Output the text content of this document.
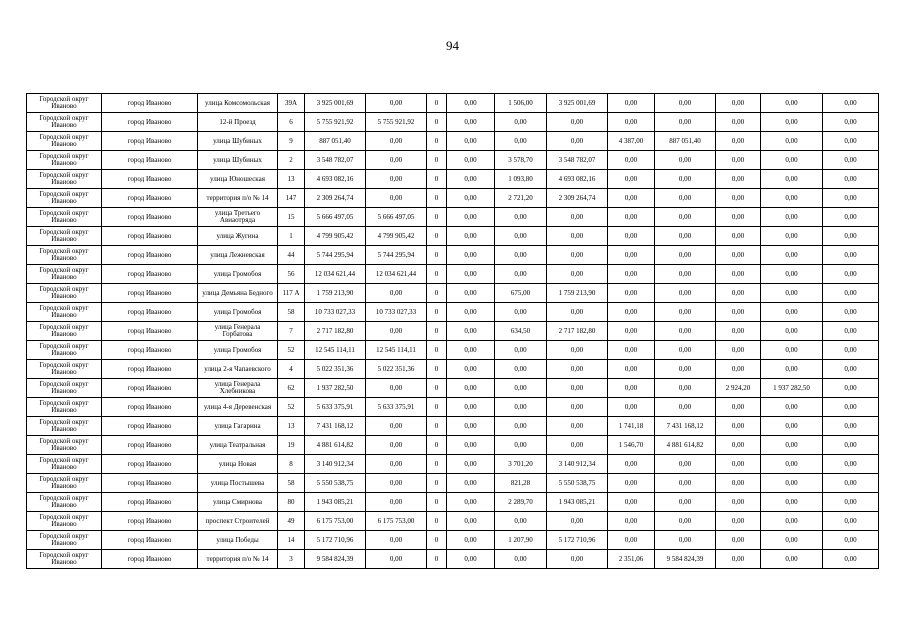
94
Городской округ Иваново	город Иваново	улица Комсомольская	39А	3 925 001,69	0,00	0	0,00	1 506,00	3 925 001,69	0,00	0,00	0,00	0,00	0,00
Городской округ Иваново	город Иваново	12-й Проезд	6	5 755 921,92	5 755 921,92	0	0,00	0,00	0,00	0,00	0,00	0,00	0,00	0,00
Городской округ Иваново	город Иваново	улица Шубиных	9	887 051,40	0,00	0	0,00	0,00	0,00	4 387,00	887 051,40	0,00	0,00	0,00
Городской округ Иваново	город Иваново	улица Шубиных	2	3 548 782,07	0,00	0	0,00	3 578,70	3 548 782,07	0,00	0,00	0,00	0,00	0,00
Городской округ Иваново	город Иваново	улица Юношеская	13	4 693 082,16	0,00	0	0,00	1 093,80	4 693 082,16	0,00	0,00	0,00	0,00	0,00
Городской округ Иваново	город Иваново	территория п/о № 14	147	2 309 264,74	0,00	0	0,00	2 721,20	2 309 264,74	0,00	0,00	0,00	0,00	0,00
Городской округ Иваново	город Иваново	улица Третьего Авиаотряда	15	5 666 497,05	5 666 497,05	0	0,00	0,00	0,00	0,00	0,00	0,00	0,00	0,00
Городской округ Иваново	город Иваново	улица Жугина	1	4 799 905,42	4 799 905,42	0	0,00	0,00	0,00	0,00	0,00	0,00	0,00	0,00
Городской округ Иваново	город Иваново	улица Лежневская	44	5 744 295,94	5 744 295,94	0	0,00	0,00	0,00	0,00	0,00	0,00	0,00	0,00
Городской округ Иваново	город Иваново	улица Громобоя	56	12 034 621,44	12 034 621,44	0	0,00	0,00	0,00	0,00	0,00	0,00	0,00	0,00
Городской округ Иваново	город Иваново	улица Демьяна Бедного	117 А	1 759 213,90	0,00	0	0,00	675,00	1 759 213,90	0,00	0,00	0,00	0,00	0,00
Городской округ Иваново	город Иваново	улица Громобоя	58	10 733 027,33	10 733 027,33	0	0,00	0,00	0,00	0,00	0,00	0,00	0,00	0,00
Городской округ Иваново	город Иваново	улица Генерала Горбатова	7	2 717 182,80	0,00	0	0,00	634,50	2 717 182,80	0,00	0,00	0,00	0,00	0,00
Городской округ Иваново	город Иваново	улица Громобоя	52	12 545 114,11	12 545 114,11	0	0,00	0,00	0,00	0,00	0,00	0,00	0,00	0,00
Городской округ Иваново	город Иваново	улица 2-я Чапаевского	4	5 022 351,36	5 022 351,36	0	0,00	0,00	0,00	0,00	0,00	0,00	0,00	0,00
Городской округ Иваново	город Иваново	улица Генерала Хлебникова	62	1 937 282,50	0,00	0	0,00	0,00	0,00	0,00	0,00	2 924,20	1 937 282,50	0,00
Городской округ Иваново	город Иваново	улица 4-я Деревенская	52	5 633 375,91	5 633 375,91	0	0,00	0,00	0,00	0,00	0,00	0,00	0,00	0,00
Городской округ Иваново	город Иваново	улица Гагарина	13	7 431 168,12	0,00	0	0,00	0,00	0,00	1 741,18	7 431 168,12	0,00	0,00	0,00
Городской округ Иваново	город Иваново	улица Театральная	19	4 881 614,82	0,00	0	0,00	0,00	0,00	1 546,70	4 881 614,82	0,00	0,00	0,00
Городской округ Иваново	город Иваново	улица Новая	8	3 140 912,34	0,00	0	0,00	3 701,20	3 140 912,34	0,00	0,00	0,00	0,00	0,00
Городской округ Иваново	город Иваново	улица Постышева	58	5 550 538,75	0,00	0	0,00	821,28	5 550 538,75	0,00	0,00	0,00	0,00	0,00
Городской округ Иваново	город Иваново	улица Смирнова	80	1 943 085,21	0,00	0	0,00	2 289,70	1 943 085,21	0,00	0,00	0,00	0,00	0,00
Городской округ Иваново	город Иваново	проспект Строителей	49	6 175 753,00	6 175 753,00	0	0,00	0,00	0,00	0,00	0,00	0,00	0,00	0,00
Городской округ Иваново	город Иваново	улица Победы	14	5 172 710,96	0,00	0	0,00	1 207,90	5 172 710,96	0,00	0,00	0,00	0,00	0,00
Городской округ Иваново	город Иваново	территория п/о № 14	3	9 584 824,39	0,00	0	0,00	0,00	0,00	2 351,06	9 584 824,39	0,00	0,00	0,00
